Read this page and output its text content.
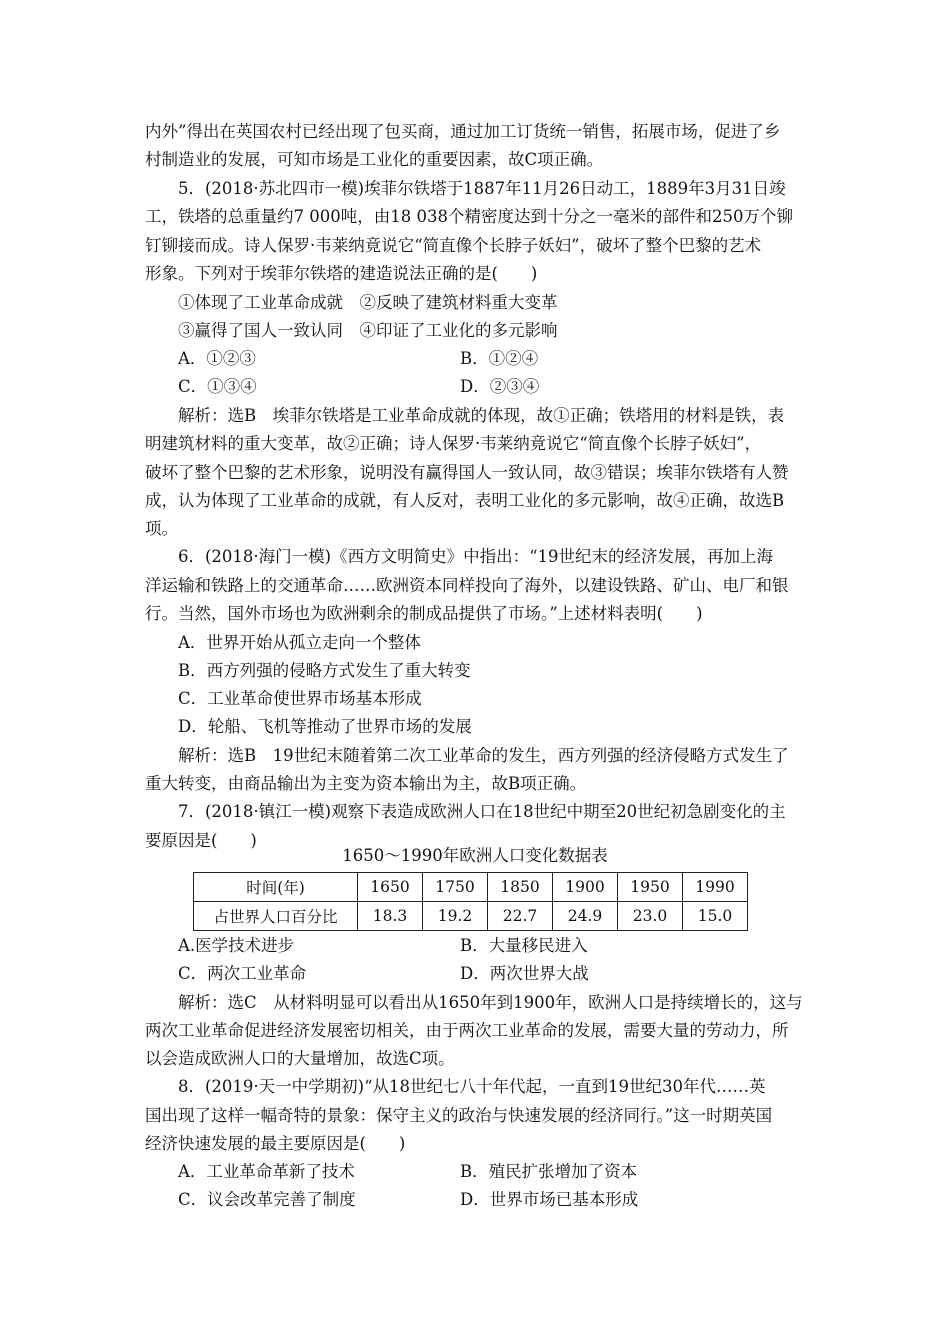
内外”得出在英国农村已经出现了包买商，通过加工订货统一销售，拓展市场，促进了乡
村制造业的发展，可知市场是工业化的重要因素，故C项正确。
5．(2018·苏北四市一模)埃菲尔铁塔于1887年11月26日动工，1889年3月31日竣
工，铁塔的总重量约7 000吨，由18 038个精密度达到十分之一毫米的部件和250万个铆
钉铆接而成。诗人保罗·韦莱纳竟说它“简直像个长脖子妖妇”，破坏了整个巴黎的艺术
形象。下列对于埃菲尔铁塔的建造说法正确的是(　　)
①体现了工业革命成就　②反映了建筑材料重大变革
③赢得了国人一致认同　④印证了工业化的多元影响
A．①②③	B．①②④
C．①③④	D．②③④
解析：选B　埃菲尔铁塔是工业革命成就的体现，故①正确；铁塔用的材料是铁，表
明建筑材料的重大变革，故②正确；诗人保罗·韦莱纳竟说它“简直像个长脖子妖妇”，
破坏了整个巴黎的艺术形象，说明没有赢得国人一致认同，故③错误；埃菲尔铁塔有人赞
成，认为体现了工业革命的成就，有人反对，表明工业化的多元影响，故④正确，故选B
项。
6．(2018·海门一模)《西方文明简史》中指出：“19世纪末的经济发展，再加上海
洋运输和铁路上的交通革命……欧洲资本同样投向了海外，以建设铁路、矿山、电厂和银
行。当然，国外市场也为欧洲剩余的制成品提供了市场。”上述材料表明(　　)
A．世界开始从孤立走向一个整体
B．西方列强的侵略方式发生了重大转变
C．工业革命使世界市场基本形成
D．轮船、飞机等推动了世界市场的发展
解析：选B　19世纪末随着第二次工业革命的发生，西方列强的经济侵略方式发生了
重大转变，由商品输出为主变为资本输出为主，故B项正确。
7．(2018·镇江一模)观察下表造成欧洲人口在18世纪中期至20世纪初急剧变化的主
要原因是(　　)
1650～1990年欧洲人口变化数据表
时间(年)	1650	1750	1850	1900	1950	1990
占世界人口百分比	18.3	19.2	22.7	24.9	23.0	15.0
A.医学技术进步	B．大量移民进入
C．两次工业革命	D．两次世界大战
解析：选C　从材料明显可以看出从1650年到1900年，欧洲人口是持续增长的，这与
两次工业革命促进经济发展密切相关，由于两次工业革命的发展，需要大量的劳动力，所
以会造成欧洲人口的大量增加，故选C项。
8．(2019·天一中学期初)“从18世纪七八十年代起，一直到19世纪30年代……英
国出现了这样一幅奇特的景象：保守主义的政治与快速发展的经济同行。”这一时期英国
经济快速发展的最主要原因是(　　)
A．工业革命革新了技术	B．殖民扩张增加了资本
C．议会改革完善了制度	D．世界市场已基本形成
